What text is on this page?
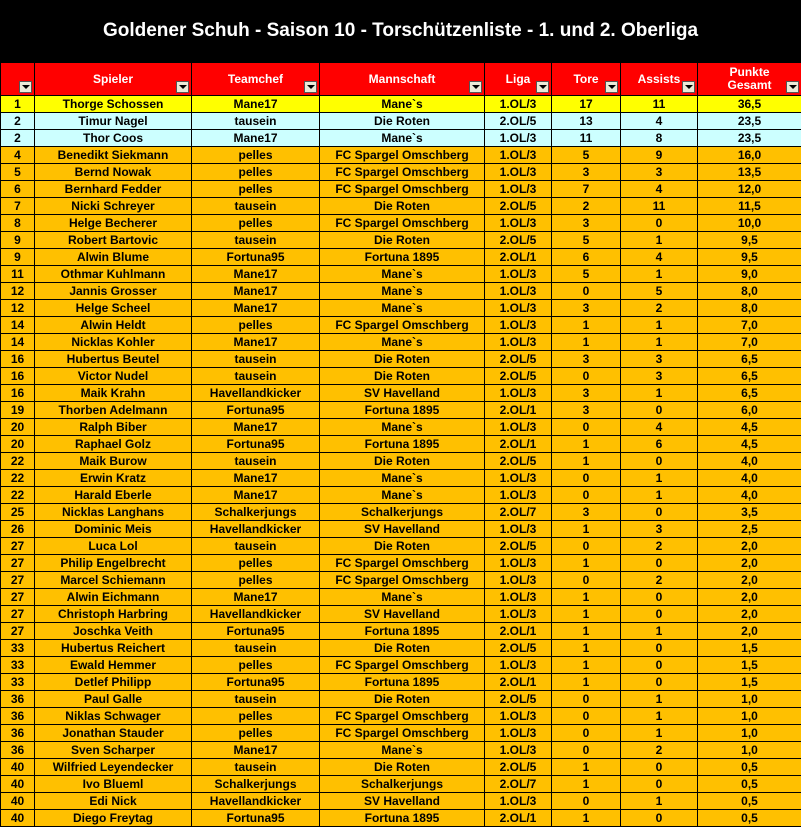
Goldener Schuh - Saison 10 - Torschützenliste - 1. und 2. Oberliga
	Spieler	Teamchef	Mannschaft	Liga	Tore	Assists	Punkte Gesamt

1	Thorge Schossen	Mane17	Mane`s	1.OL/3	17	11	36,5
2	Timur Nagel	tausein	Die Roten	2.OL/5	13	4	23,5
2	Thor Coos	Mane17	Mane`s	1.OL/3	11	8	23,5
4	Benedikt Siekmann	pelles	FC Spargel Omschberg	1.OL/3	5	9	16,0
5	Bernd Nowak	pelles	FC Spargel Omschberg	1.OL/3	3	3	13,5
6	Bernhard Fedder	pelles	FC Spargel Omschberg	1.OL/3	7	4	12,0
7	Nicki Schreyer	tausein	Die Roten	2.OL/5	2	11	11,5
8	Helge Becherer	pelles	FC Spargel Omschberg	1.OL/3	3	0	10,0
9	Robert Bartovic	tausein	Die Roten	2.OL/5	5	1	9,5
9	Alwin Blume	Fortuna95	Fortuna 1895	2.OL/1	6	4	9,5
11	Othmar Kuhlmann	Mane17	Mane`s	1.OL/3	5	1	9,0
12	Jannis Grosser	Mane17	Mane`s	1.OL/3	0	5	8,0
12	Helge Scheel	Mane17	Mane`s	1.OL/3	3	2	8,0
14	Alwin Heldt	pelles	FC Spargel Omschberg	1.OL/3	1	1	7,0
14	Nicklas Kohler	Mane17	Mane`s	1.OL/3	1	1	7,0
16	Hubertus Beutel	tausein	Die Roten	2.OL/5	3	3	6,5
16	Victor Nudel	tausein	Die Roten	2.OL/5	0	3	6,5
16	Maik Krahn	Havellandkicker	SV Havelland	1.OL/3	3	1	6,5
19	Thorben Adelmann	Fortuna95	Fortuna 1895	2.OL/1	3	0	6,0
20	Ralph Biber	Mane17	Mane`s	1.OL/3	0	4	4,5
20	Raphael Golz	Fortuna95	Fortuna 1895	2.OL/1	1	6	4,5
22	Maik Burow	tausein	Die Roten	2.OL/5	1	0	4,0
22	Erwin Kratz	Mane17	Mane`s	1.OL/3	0	1	4,0
22	Harald Eberle	Mane17	Mane`s	1.OL/3	0	1	4,0
25	Nicklas Langhans	Schalkerjungs	Schalkerjungs	2.OL/7	3	0	3,5
26	Dominic Meis	Havellandkicker	SV Havelland	1.OL/3	1	3	2,5
27	Luca Lol	tausein	Die Roten	2.OL/5	0	2	2,0
27	Philip Engelbrecht	pelles	FC Spargel Omschberg	1.OL/3	1	0	2,0
27	Marcel Schiemann	pelles	FC Spargel Omschberg	1.OL/3	0	2	2,0
27	Alwin Eichmann	Mane17	Mane`s	1.OL/3	1	0	2,0
27	Christoph Harbring	Havellandkicker	SV Havelland	1.OL/3	1	0	2,0
27	Joschka Veith	Fortuna95	Fortuna 1895	2.OL/1	1	1	2,0
33	Hubertus Reichert	tausein	Die Roten	2.OL/5	1	0	1,5
33	Ewald Hemmer	pelles	FC Spargel Omschberg	1.OL/3	1	0	1,5
33	Detlef Philipp	Fortuna95	Fortuna 1895	2.OL/1	1	0	1,5
36	Paul Galle	tausein	Die Roten	2.OL/5	0	1	1,0
36	Niklas Schwager	pelles	FC Spargel Omschberg	1.OL/3	0	1	1,0
36	Jonathan Stauder	pelles	FC Spargel Omschberg	1.OL/3	0	1	1,0
36	Sven Scharper	Mane17	Mane`s	1.OL/3	0	2	1,0
40	Wilfried Leyendecker	tausein	Die Roten	2.OL/5	1	0	0,5
40	Ivo Blueml	Schalkerjungs	Schalkerjungs	2.OL/7	1	0	0,5
40	Edi Nick	Havellandkicker	SV Havelland	1.OL/3	0	1	0,5
40	Diego Freytag	Fortuna95	Fortuna 1895	2.OL/1	1	0	0,5
